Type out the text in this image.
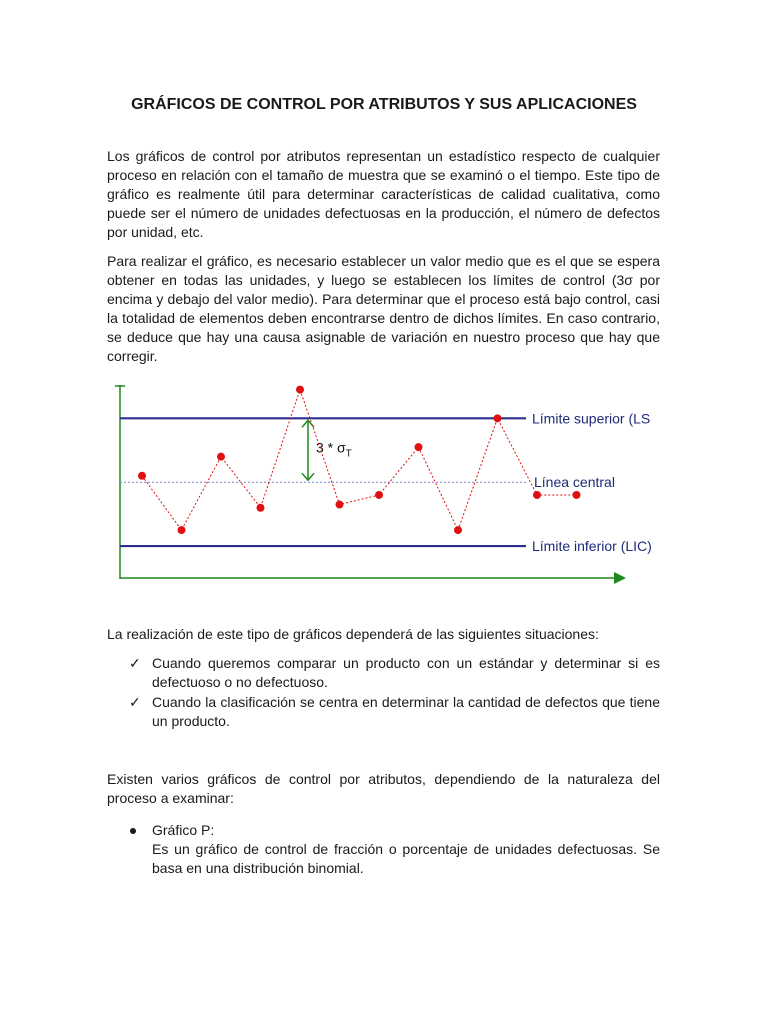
GRÁFICOS DE CONTROL POR ATRIBUTOS Y SUS APLICACIONES
Los gráficos de control por atributos representan un estadístico respecto de cualquier proceso en relación con el tamaño de muestra que se examinó o el tiempo. Este tipo de gráfico es realmente útil para determinar características de calidad cualitativa, como puede ser el número de unidades defectuosas en la producción, el número de defectos por unidad, etc.
Para realizar el gráfico, es necesario establecer un valor medio que es el que se espera obtener en todas las unidades, y luego se establecen los límites de control (3σ por encima y debajo del valor medio). Para determinar que el proceso está bajo control, casi la totalidad de elementos deben encontrarse dentro de dichos límites. En caso contrario, se deduce que hay una causa asignable de variación en nuestro proceso que hay que corregir.
Límite superior (LS
Línea central
Límite inferior (LIC)
$3 * \sigma_T$
La realización de este tipo de gráficos dependerá de las siguientes situaciones:
✓ Cuando queremos comparar un producto con un estándar y determinar si es defectuoso o no defectuoso.
✓ Cuando la clasificación se centra en determinar la cantidad de defectos que tiene un producto.
Existen varios gráficos de control por atributos, dependiendo de la naturaleza del proceso a examinar:
Gráfico P:
Es un gráfico de control de fracción o porcentaje de unidades defectuosas. Se basa en una distribución binomial.
